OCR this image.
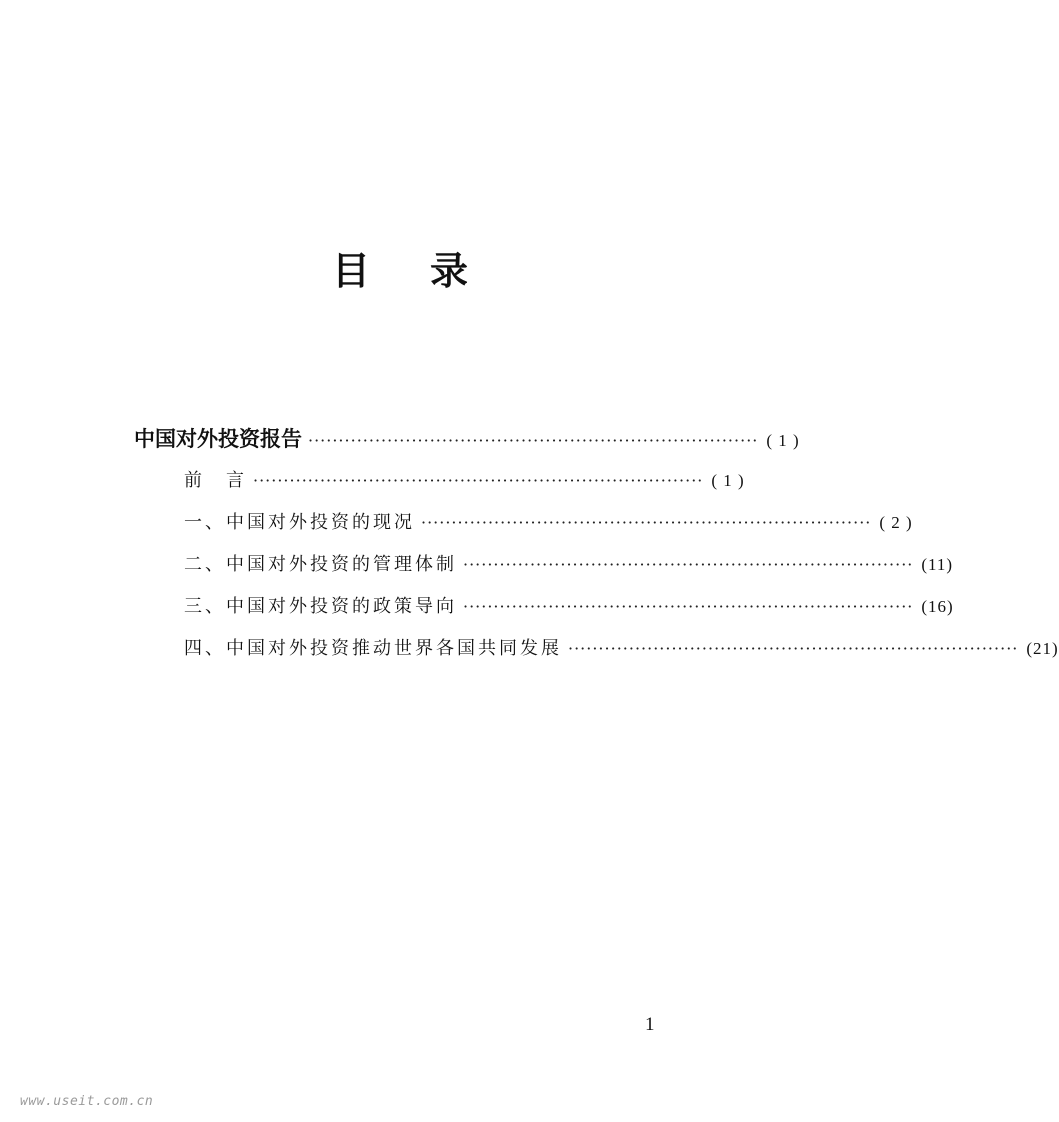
目 录
中国对外投资报告 ·········································································· ( 1 )
前　言 ·········································································· ( 1 )
一、中国对外投资的现况 ·········································································· ( 2 )
二、中国对外投资的管理体制 ·········································································· (11)
三、中国对外投资的政策导向 ·········································································· (16)
四、中国对外投资推动世界各国共同发展 ·········································································· (21)
1
www.useit.com.cn
